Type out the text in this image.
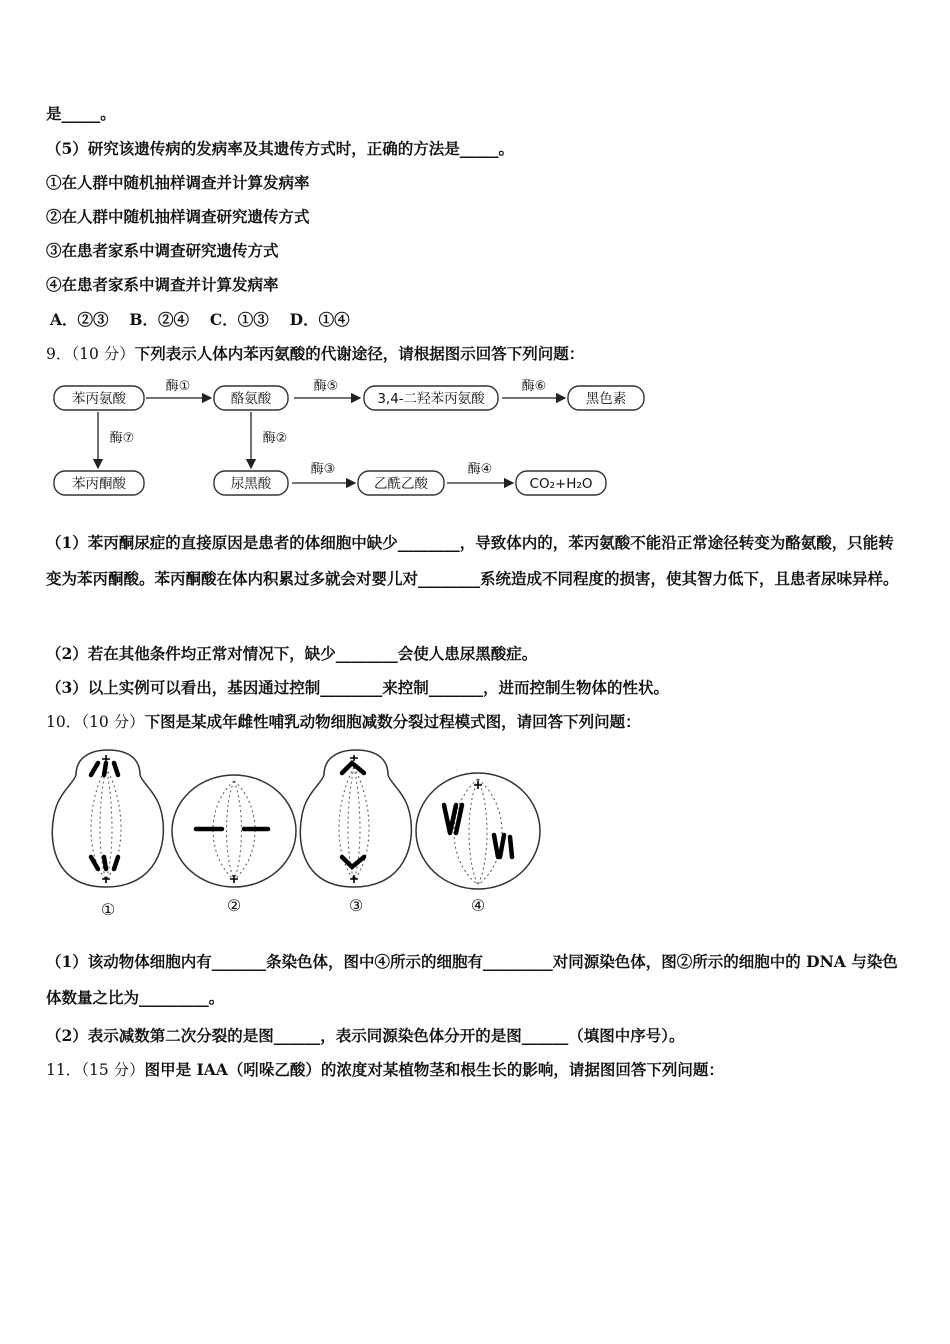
是_____。
（5）研究该遗传病的发病率及其遗传方式时，正确的方法是_____。
①在人群中随机抽样调查并计算发病率
②在人群中随机抽样调查研究遗传方式
③在患者家系中调查研究遗传方式
④在患者家系中调查并计算发病率
A．②③　 B．②④　 C．①③　 D．①④
9．（10 分）下列表示人体内苯丙氨酸的代谢途径，请根据图示回答下列问题：
苯丙氨酸	酪氨酸	3,4-二羟苯丙氨酸	黑色素
苯丙酮酸	尿黑酸	乙酰乙酸	CO₂+H₂O
酶①	酶⑤	酶⑥
酶⑦	酶②
酶③	酶④
（1）苯丙酮尿症的直接原因是患者的体细胞中缺少________，导致体内的，苯丙氨酸不能沿正常途径转变为酪氨酸，只能转变为苯丙酮酸。苯丙酮酸在体内积累过多就会对婴儿对________系统造成不同程度的损害，使其智力低下，且患者尿味异样。
（2）若在其他条件均正常对情况下，缺少________会使人患尿黑酸症。
（3）以上实例可以看出，基因通过控制________来控制_______，进而控制生物体的性状。
10．（10 分）下图是某成年雌性哺乳动物细胞减数分裂过程模式图，请回答下列问题：
①	②	③	④
（1）该动物体细胞内有_______条染色体，图中④所示的细胞有_________对同源染色体，图②所示的细胞中的 DNA 与染色体数量之比为_________。
（2）表示减数第二次分裂的是图______，表示同源染色体分开的是图______（填图中序号）。
11．（15 分）图甲是 IAA（吲哚乙酸）的浓度对某植物茎和根生长的影响，请据图回答下列问题：
